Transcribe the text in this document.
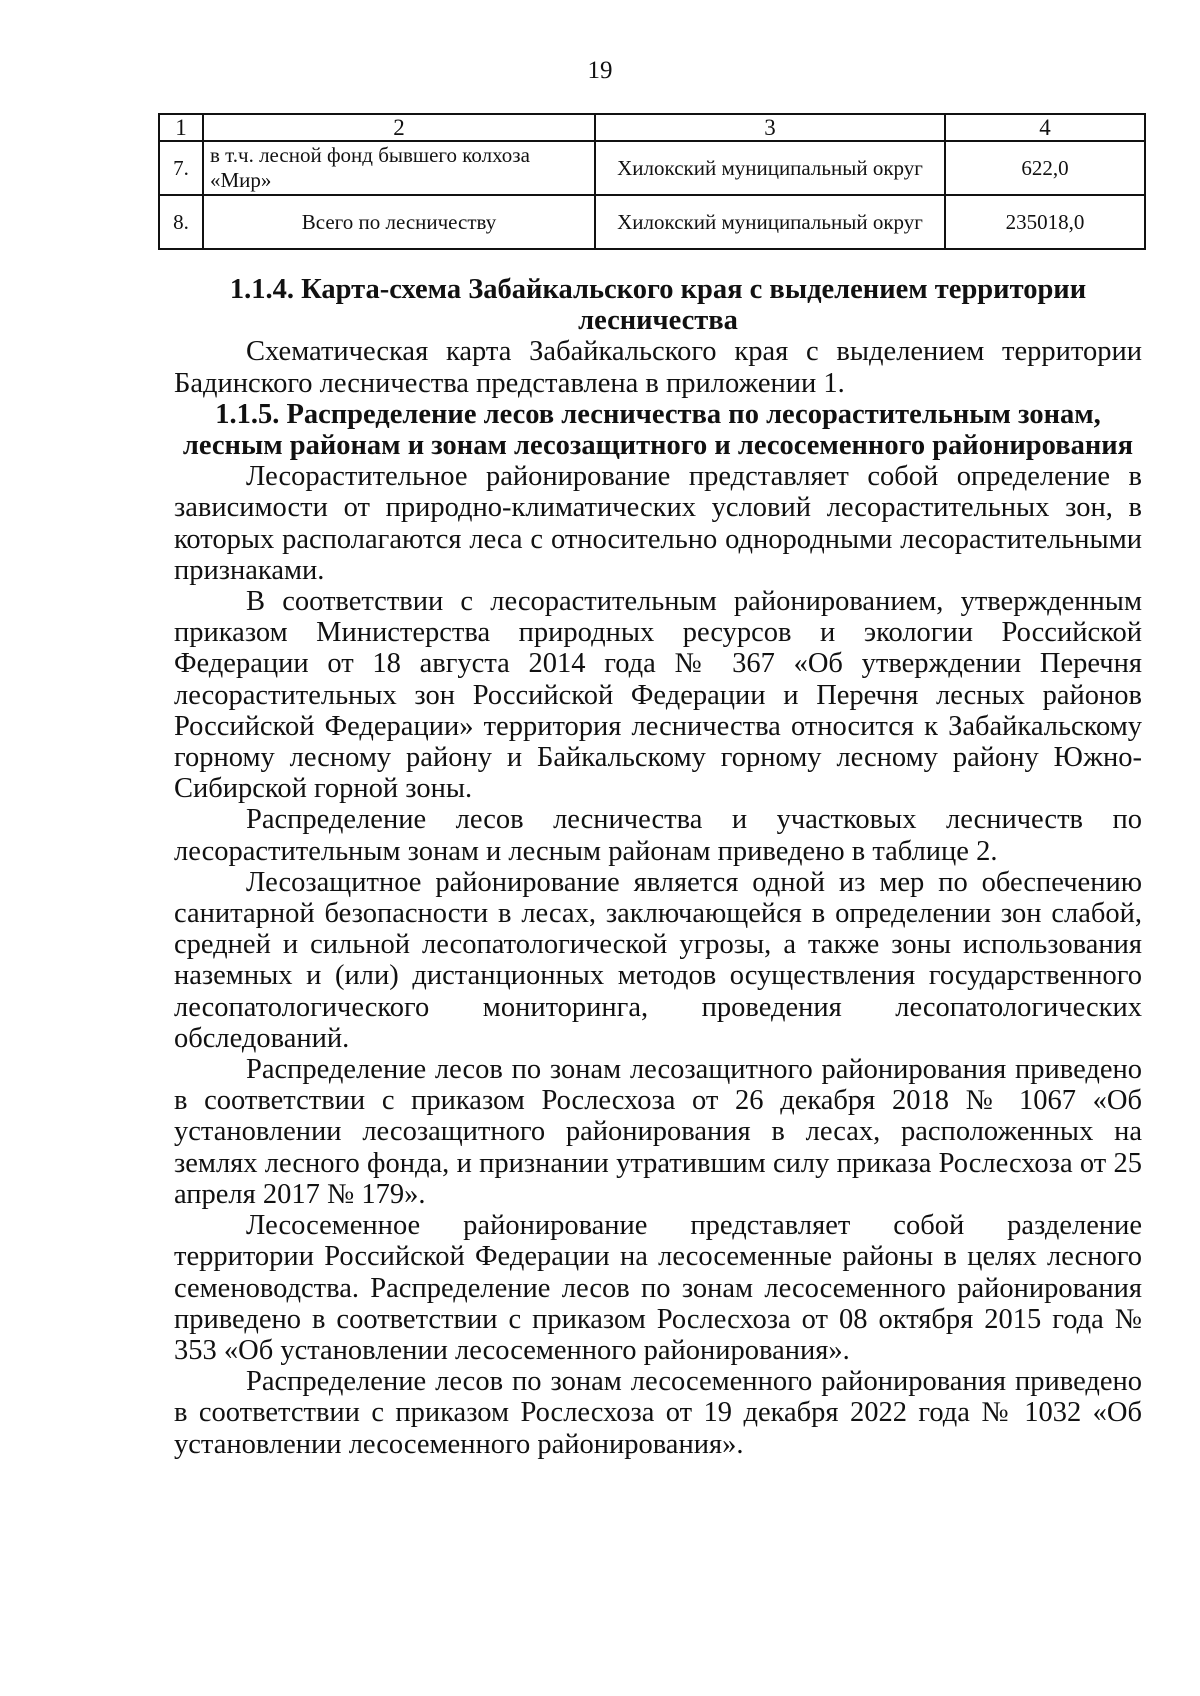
19
1	2	3	4
7.	в т.ч. лесной фонд бывшего колхоза «Мир»	Хилокский муниципальный округ	622,0
8.	Всего по лесничеству	Хилокский муниципальный округ	235018,0
1.1.4. Карта-схема Забайкальского края с выделением территории лесничества

Схематическая карта Забайкальского края с выделением территории Бадинского лесничества представлена в приложении 1.

1.1.5. Распределение лесов лесничества по лесорастительным зонам, лесным районам и зонам лесозащитного и лесосеменного районирования

Лесорастительное районирование представляет собой определение в зависимости от природно-климатических условий лесорастительных зон, в которых располагаются леса с относительно однородными лесорастительными признаками.

В соответствии с лесорастительным районированием, утвержденным приказом Министерства природных ресурсов и экологии Российской Федерации от 18 августа 2014 года № 367 «Об утверждении Перечня лесорастительных зон Российской Федерации и Перечня лесных районов Российской Федерации» территория лесничества относится к Забайкальскому горному лесному району и Байкальскому горному лесному району Южно-Сибирской горной зоны.

Распределение лесов лесничества и участковых лесничеств по лесорастительным зонам и лесным районам приведено в таблице 2.

Лесозащитное районирование является одной из мер по обеспечению санитарной безопасности в лесах, заключающейся в определении зон слабой, средней и сильной лесопатологической угрозы, а также зоны использования наземных и (или) дистанционных методов осуществления государственного лесопатологического мониторинга, проведения лесопатологических обследований.

Распределение лесов по зонам лесозащитного районирования приведено в соответствии с приказом Рослесхоза от 26 декабря 2018 № 1067 «Об установлении лесозащитного районирования в лесах, расположенных на землях лесного фонда, и признании утратившим силу приказа Рослесхоза от 25 апреля 2017 № 179».

Лесосеменное районирование представляет собой разделение территории Российской Федерации на лесосеменные районы в целях лесного семеноводства. Распределение лесов по зонам лесосеменного районирования приведено в соответствии с приказом Рослесхоза от 08 октября 2015 года № 353 «Об установлении лесосеменного районирования».

Распределение лесов по зонам лесосеменного районирования приведено в соответствии с приказом Рослесхоза от 19 декабря 2022 года № 1032 «Об установлении лесосеменного районирования».
